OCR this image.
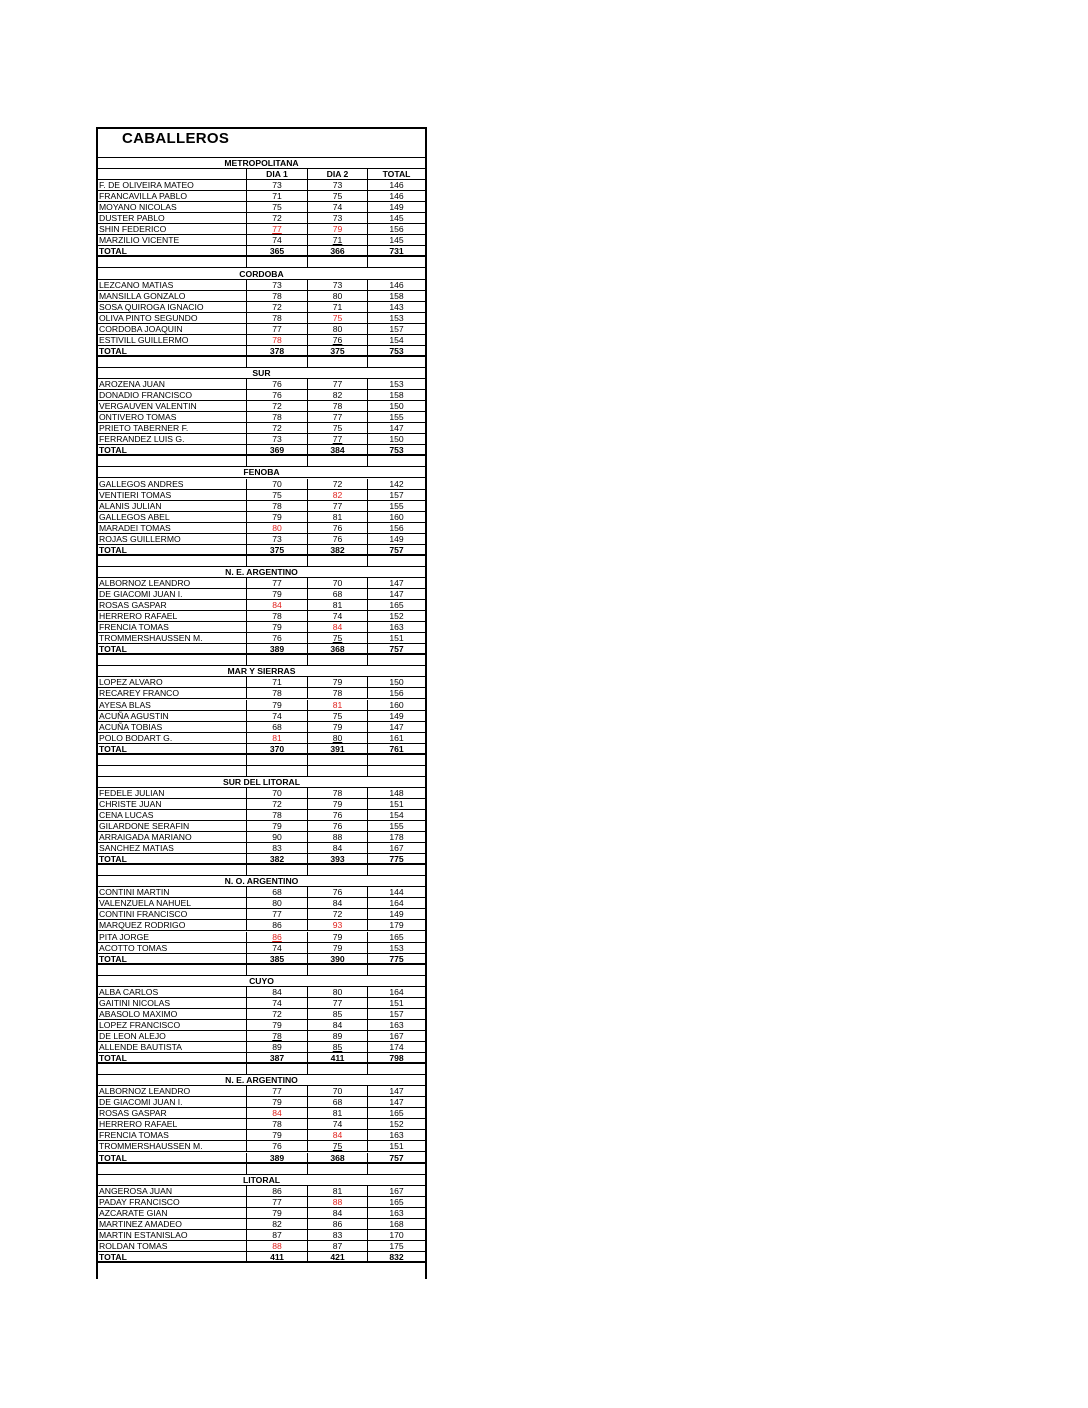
CABALLEROS
METROPOLITANA
DIA 1	DIA 2	TOTAL
F. DE OLIVEIRA MATEO	73	73	146
FRANCAVILLA PABLO	71	75	146
MOYANO NICOLAS	75	74	149
DUSTER PABLO	72	73	145
SHIN FEDERICO	77	79	156
MARZILIO VICENTE	74	71	145
TOTAL	365	366	731
CORDOBA
LEZCANO MATIAS	73	73	146
MANSILLA GONZALO	78	80	158
SOSA QUIROGA IGNACIO	72	71	143
OLIVA PINTO SEGUNDO	78	75	153
CORDOBA JOAQUIN	77	80	157
ESTIVILL GUILLERMO	78	76	154
TOTAL	378	375	753
SUR
AROZENA JUAN	76	77	153
DONADIO FRANCISCO	76	82	158
VERGAUVEN VALENTIN	72	78	150
ONTIVERO TOMAS	78	77	155
PRIETO TABERNER F.	72	75	147
FERRANDEZ LUIS G.	73	77	150
TOTAL	369	384	753
FENOBA
GALLEGOS ANDRES	70	72	142
VENTIERI TOMAS	75	82	157
ALANIS JULIAN	78	77	155
GALLEGOS ABEL	79	81	160
MARADEI TOMAS	80	76	156
ROJAS GUILLERMO	73	76	149
TOTAL	375	382	757
N. E. ARGENTINO
ALBORNOZ LEANDRO	77	70	147
DE GIACOMI JUAN I.	79	68	147
ROSAS GASPAR	84	81	165
HERRERO RAFAEL	78	74	152
FRENCIA TOMAS	79	84	163
TROMMERSHAUSSEN M.	76	75	151
TOTAL	389	368	757
MAR Y SIERRAS
LOPEZ ALVARO	71	79	150
RECAREY FRANCO	78	78	156
AYESA BLAS	79	81	160
ACUÑA AGUSTIN	74	75	149
ACUÑA TOBIAS	68	79	147
POLO BODART G.	81	80	161
TOTAL	370	391	761
SUR DEL LITORAL
FEDELE JULIAN	70	78	148
CHRISTE JUAN	72	79	151
CENA LUCAS	78	76	154
GILARDONE SERAFIN	79	76	155
ARRAIGADA MARIANO	90	88	178
SANCHEZ MATIAS	83	84	167
TOTAL	382	393	775
N. O. ARGENTINO
CONTINI MARTIN	68	76	144
VALENZUELA NAHUEL	80	84	164
CONTINI FRANCISCO	77	72	149
MARQUEZ RODRIGO	86	93	179
PITA JORGE	86	79	165
ACOTTO TOMAS	74	79	153
TOTAL	385	390	775
CUYO
ALBA CARLOS	84	80	164
GAITINI NICOLAS	74	77	151
ABASOLO MAXIMO	72	85	157
LOPEZ FRANCISCO	79	84	163
DE LEON ALEJO	78	89	167
ALLENDE BAUTISTA	89	85	174
TOTAL	387	411	798
N. E. ARGENTINO
ALBORNOZ LEANDRO	77	70	147
DE GIACOMI JUAN I.	79	68	147
ROSAS GASPAR	84	81	165
HERRERO RAFAEL	78	74	152
FRENCIA TOMAS	79	84	163
TROMMERSHAUSSEN M.	76	75	151
TOTAL	389	368	757
LITORAL
ANGEROSA JUAN	86	81	167
PADAY FRANCISCO	77	88	165
AZCARATE GIAN	79	84	163
MARTINEZ AMADEO	82	86	168
MARTIN ESTANISLAO	87	83	170
ROLDAN TOMAS	88	87	175
TOTAL	411	421	832
